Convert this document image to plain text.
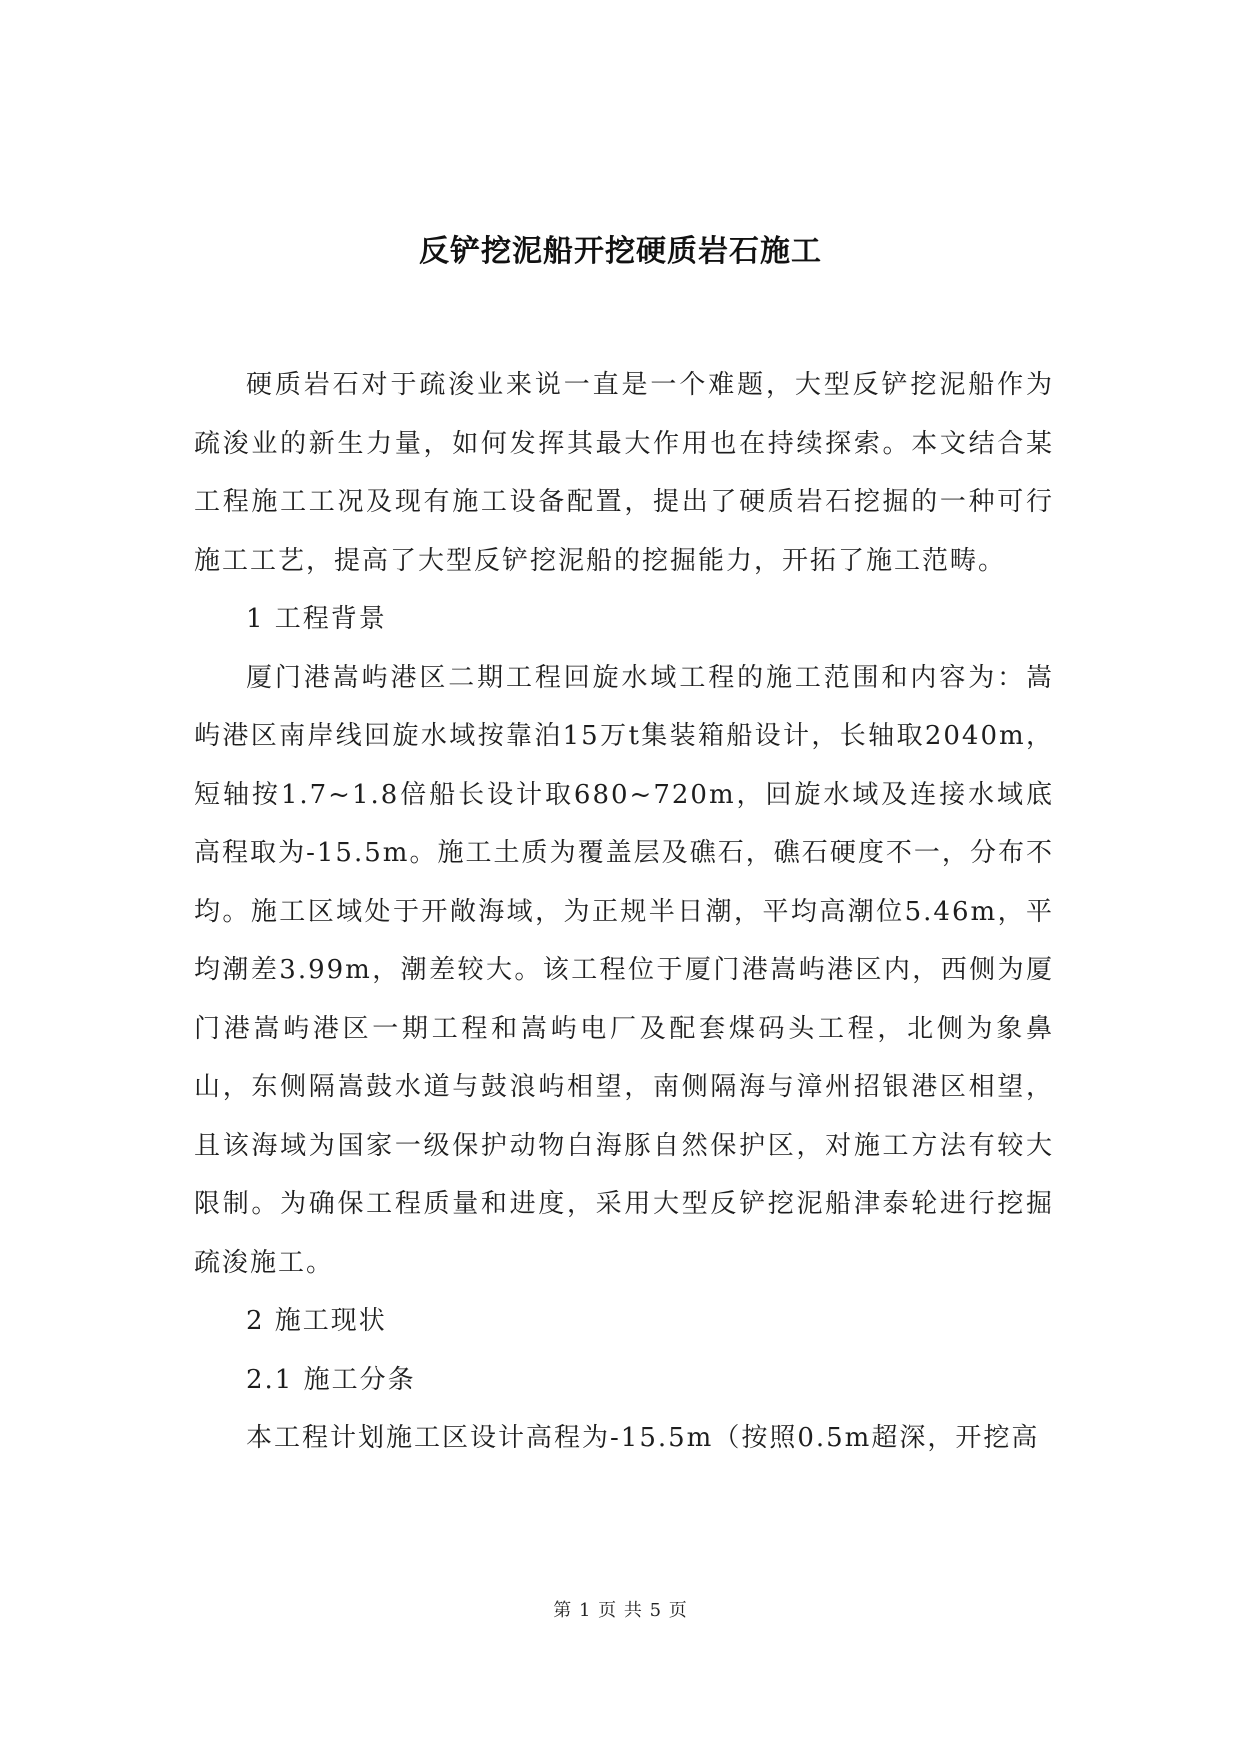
反铲挖泥船开挖硬质岩石施工

硬质岩石对于疏浚业来说一直是一个难题，大型反铲挖泥船作为疏浚业的新生力量，如何发挥其最大作用也在持续探索。本文结合某工程施工工况及现有施工设备配置，提出了硬质岩石挖掘的一种可行施工工艺，提高了大型反铲挖泥船的挖掘能力，开拓了施工范畴。

1 工程背景

厦门港嵩屿港区二期工程回旋水域工程的施工范围和内容为：嵩屿港区南岸线回旋水域按靠泊15万t集装箱船设计，长轴取2040m，短轴按1.7~1.8倍船长设计取680~720m，回旋水域及连接水域底高程取为-15.5m。施工土质为覆盖层及礁石，礁石硬度不一，分布不均。施工区域处于开敞海域，为正规半日潮，平均高潮位5.46m，平均潮差3.99m，潮差较大。该工程位于厦门港嵩屿港区内，西侧为厦门港嵩屿港区一期工程和嵩屿电厂及配套煤码头工程，北侧为象鼻山，东侧隔嵩鼓水道与鼓浪屿相望，南侧隔海与漳州招银港区相望，且该海域为国家一级保护动物白海豚自然保护区，对施工方法有较大限制。为确保工程质量和进度，采用大型反铲挖泥船津泰轮进行挖掘疏浚施工。

2 施工现状

2.1 施工分条

本工程计划施工区设计高程为-15.5m（按照0.5m超深，开挖高

第 1 页 共 5 页
